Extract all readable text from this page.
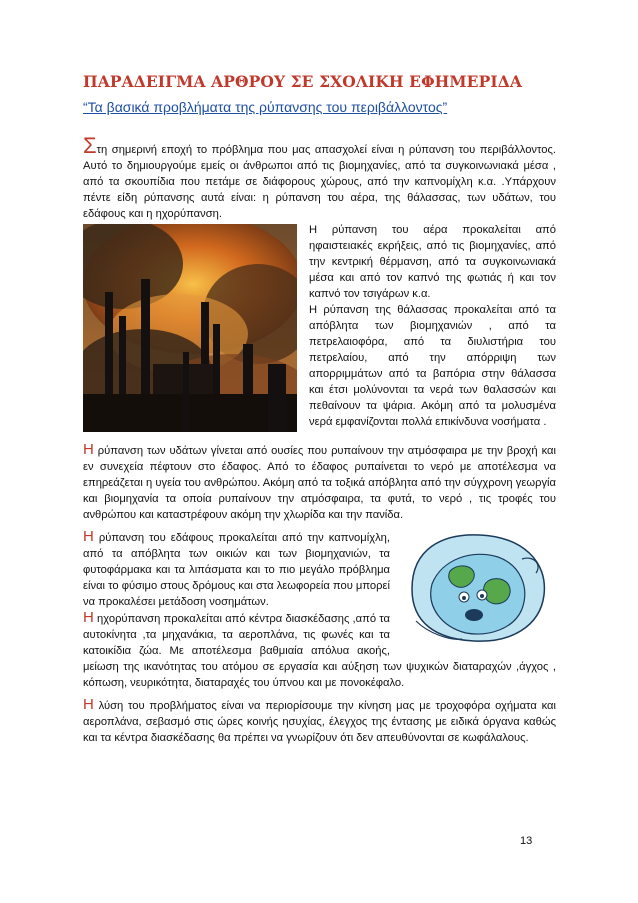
ΠΑΡΑΔΕΙΓΜΑ ΑΡΘΡΟΥ ΣΕ ΣΧΟΛΙΚΗ ΕΦΗΜΕΡΙΔΑ
“Τα βασικά προβλήματα της ρύπανσης του περιβάλλοντος”

Στη σημερινή εποχή το πρόβλημα που μας απασχολεί είναι η ρύπανση του περιβάλλοντος. Αυτό το δημιουργούμε εμείς οι άνθρωποι από τις βιομηχανίες, από τα συγκοινωνιακά μέσα , από τα σκουπίδια που πετάμε σε διάφορους χώρους, από την καπνομίχλη κ.α. .Υπάρχουν πέντε είδη ρύπανσης αυτά είναι: η ρύπανση του αέρα, της θάλασσας, των υδάτων, του εδάφους και η ηχορύπανση.

Η ρύπανση του αέρα προκαλείται από ηφαιστειακές εκρήξεις, από τις βιομηχανίες, από την κεντρική θέρμανση, από τα συγκοινωνιακά μέσα και από τον καπνό της φωτιάς ή και τον καπνό τον τσιγάρων κ.α.

Η ρύπανση της θάλασσας προκαλείται από τα απόβλητα των βιομηχανιών , από τα πετρελαιοφόρα, από τα διυλιστήρια του πετρελαίου, από την απόρριψη των απορριμμάτων από τα βαπόρια στην θάλασσα και έτσι μολύνονται τα νερά των θαλασσών και πεθαίνουν τα ψάρια. Ακόμη από τα μολυσμένα νερά εμφανίζονται πολλά επικίνδυνα νοσήματα .

Η ρύπανση των υδάτων γίνεται από ουσίες που ρυπαίνουν την ατμόσφαιρα με την βροχή και εν συνεχεία πέφτουν στο έδαφος. Από το έδαφος ρυπαίνεται το νερό με αποτέλεσμα να επηρεάζεται η υγεία του ανθρώπου. Ακόμη από τα τοξικά απόβλητα από την σύγχρονη γεωργία και βιομηχανία τα οποία ρυπαίνουν την ατμόσφαιρα, τα φυτά, το νερό , τις τροφές του ανθρώπου και καταστρέφουν ακόμη την χλωρίδα και την πανίδα.

Η ρύπανση του εδάφους προκαλείται από την καπνομίχλη, από τα απόβλητα των οικιών και των βιομηχανιών, τα φυτοφάρμακα και τα λιπάσματα και το πιο μεγάλο πρόβλημα είναι το φύσιμο στους δρόμους και στα λεωφορεία που μπορεί να προκαλέσει μετάδοση νοσημάτων.

Η ηχορύπανση προκαλείται από κέντρα διασκέδασης ,από τα αυτοκίνητα ,τα μηχανάκια, τα αεροπλάνα, τις φωνές και τα κατοικίδια ζώα. Με αποτέλεσμα βαθμιαία απόλυα ακοής, μείωση της ικανότητας του ατόμου σε εργασία και αύξηση των ψυχικών διαταραχών ,άγχος , κόπωση, νευρικότητα, διαταραχές του ύπνου και με πονοκέφαλο.

Η λύση του προβλήματος είναι να περιορίσουμε την κίνηση μας με τροχοφόρα οχήματα και αεροπλάνα, σεβασμό στις ώρες κοινής ησυχίας, έλεγχος της έντασης με ειδικά όργανα καθώς και τα κέντρα διασκέδασης θα πρέπει να γνωρίζουν ότι δεν απευθύνονται σε κωφάλαλους.

13
